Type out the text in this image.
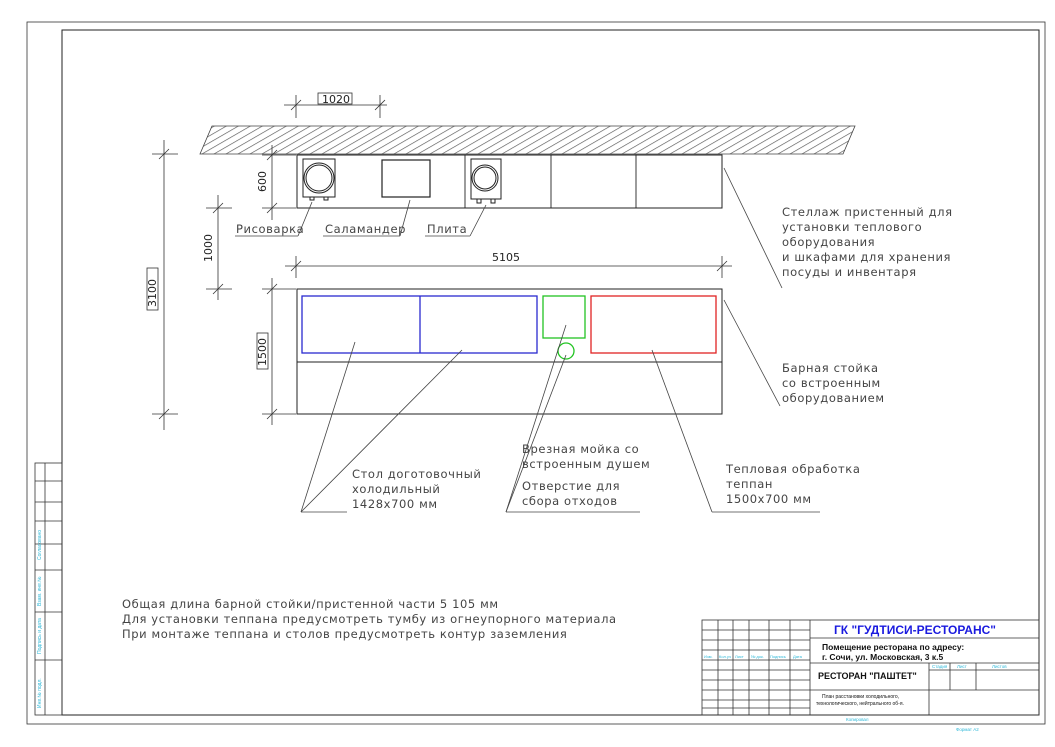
Согласовано
Взам. инв.№
Подпись и дата
Инв.№ подл.
1020
Рисоварка Саламандер Плита
3100
600
1000	5105
1500
Стеллаж пристенный для
установки теплового
оборудования
и шкафами для хранения
посуды и инвентаря
Барная стойка
со встроенным
оборудованием
Стол доготовочный
холодильный
1428x700 мм
Врезная мойка со
встроенным душем
Отверстие для
сбора отходов
Тепловая обработка
теппан
1500x700 мм
Общая длина барной стойки/пристенной части 5 105 мм
Для установки теппана предусмотреть тумбу из огнеупорного материала
При монтаже теппана и столов предусмотреть контур заземления	ГК "ГУДТИСИ-РЕСТОРАНС"
Помещение ресторана по адресу:
г. Сочи, ул. Московская, 3 к.5
РЕСТОРАН "ПАШТЕТ"
План расстановки холодильного,
технологического, нейтрального об-я.
Изм. Кол.уч Лист № док. Подпись Дата
Стадия Лист	Листов
Копировал
Формат А2
